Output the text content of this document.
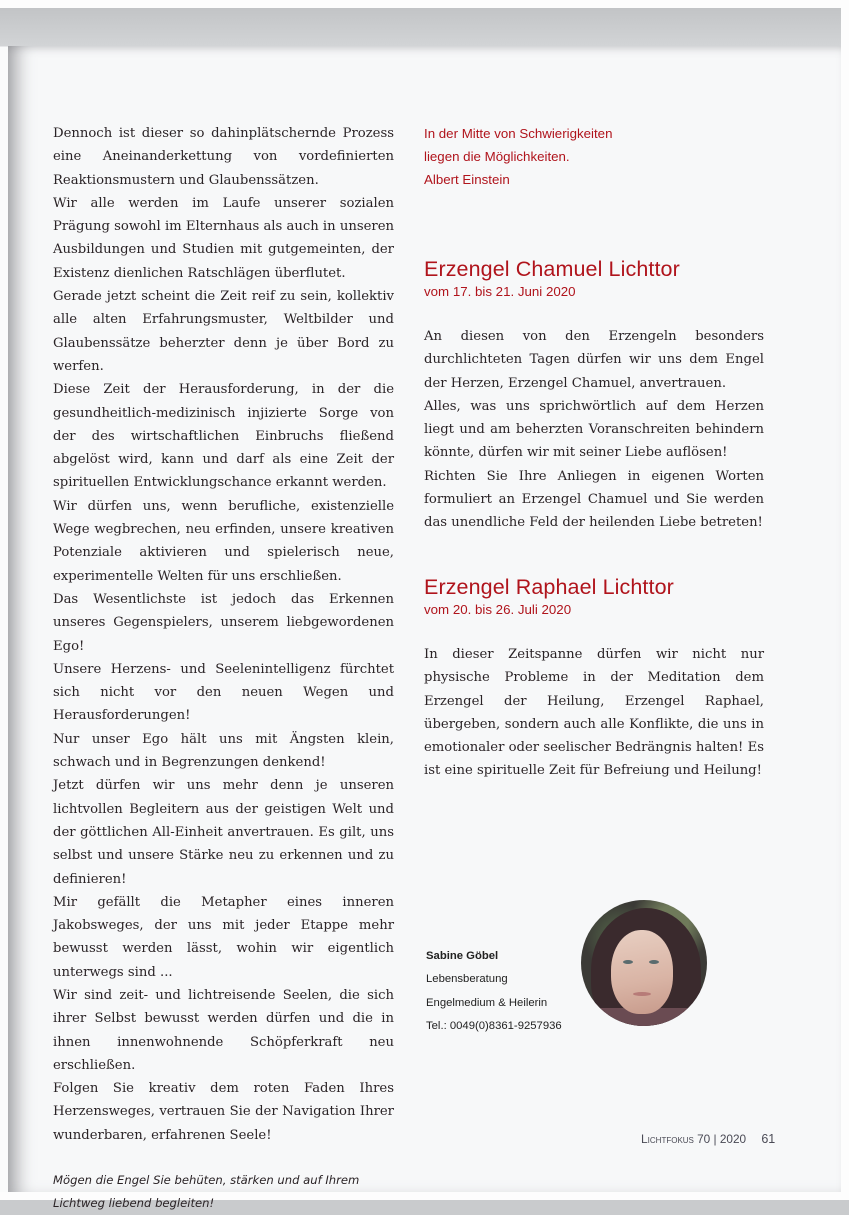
Dennoch ist dieser so dahinplätschernde Prozess eine Aneinanderkettung von vordefinierten Reaktionsmustern und Glaubenssätzen.

Wir alle werden im Laufe unserer sozialen Prägung sowohl im Elternhaus als auch in unseren Ausbildungen und Studien mit gutgemeinten, der Existenz dienlichen Ratschlägen überflutet.

Gerade jetzt scheint die Zeit reif zu sein, kollektiv alle alten Erfahrungsmuster, Weltbilder und Glaubenssätze beherzter denn je über Bord zu werfen.

Diese Zeit der Herausforderung, in der die gesundheitlich-medizinisch injizierte Sorge von der des wirtschaftlichen Einbruchs fließend abgelöst wird, kann und darf als eine Zeit der spirituellen Entwicklungschance erkannt werden.

Wir dürfen uns, wenn berufliche, existenzielle Wege wegbrechen, neu erfinden, unsere kreativen Potenziale aktivieren und spielerisch neue, experimentelle Welten für uns erschließen.

Das Wesentlichste ist jedoch das Erkennen unseres Gegenspielers, unserem liebgewordenen Ego!

Unsere Herzens- und Seelenintelligenz fürchtet sich nicht vor den neuen Wegen und Herausforderungen!

Nur unser Ego hält uns mit Ängsten klein, schwach und in Begrenzungen denkend!

Jetzt dürfen wir uns mehr denn je unseren lichtvollen Begleitern aus der geistigen Welt und der göttlichen All-Einheit anvertrauen. Es gilt, uns selbst und unsere Stärke neu zu erkennen und zu definieren!

Mir gefällt die Metapher eines inneren Jakobsweges, der uns mit jeder Etappe mehr bewusst werden lässt, wohin wir eigentlich unterwegs sind ...

Wir sind zeit- und lichtreisende Seelen, die sich ihrer Selbst bewusst werden dürfen und die in ihnen innenwohnende Schöpferkraft neu erschließen.

Folgen Sie kreativ dem roten Faden Ihres Herzensweges, vertrauen Sie der Navigation Ihrer wunderbaren, erfahrenen Seele!

Mögen die Engel Sie behüten, stärken und auf Ihrem Lichtweg liebend begleiten!

In der Mitte von Schwierigkeiten
liegen die Möglichkeiten.
Albert Einstein
Erzengel Chamuel Lichttor
vom 17. bis 21. Juni 2020

An diesen von den Erzengeln besonders durchlichteten Tagen dürfen wir uns dem Engel der Herzen, Erzengel Chamuel, anvertrauen.

Alles, was uns sprichwörtlich auf dem Herzen liegt und am beherzten Voranschreiten behindern könnte, dürfen wir mit seiner Liebe auflösen!

Richten Sie Ihre Anliegen in eigenen Worten formuliert an Erzengel Chamuel und Sie werden das unendliche Feld der heilenden Liebe betreten!

Erzengel Raphael Lichttor
vom 20. bis 26. Juli 2020

In dieser Zeitspanne dürfen wir nicht nur physische Probleme in der Meditation dem Erzengel der Heilung, Erzengel Raphael, übergeben, sondern auch alle Konflikte, die uns in emotionaler oder seelischer Bedrängnis halten! Es ist eine spirituelle Zeit für Befreiung und Heilung!

Sabine Göbel
Lebensberatung
Engelmedium & Heilerin
Tel.: 0049(0)8361-9257936
Lichtfokus 70 | 2020 61
